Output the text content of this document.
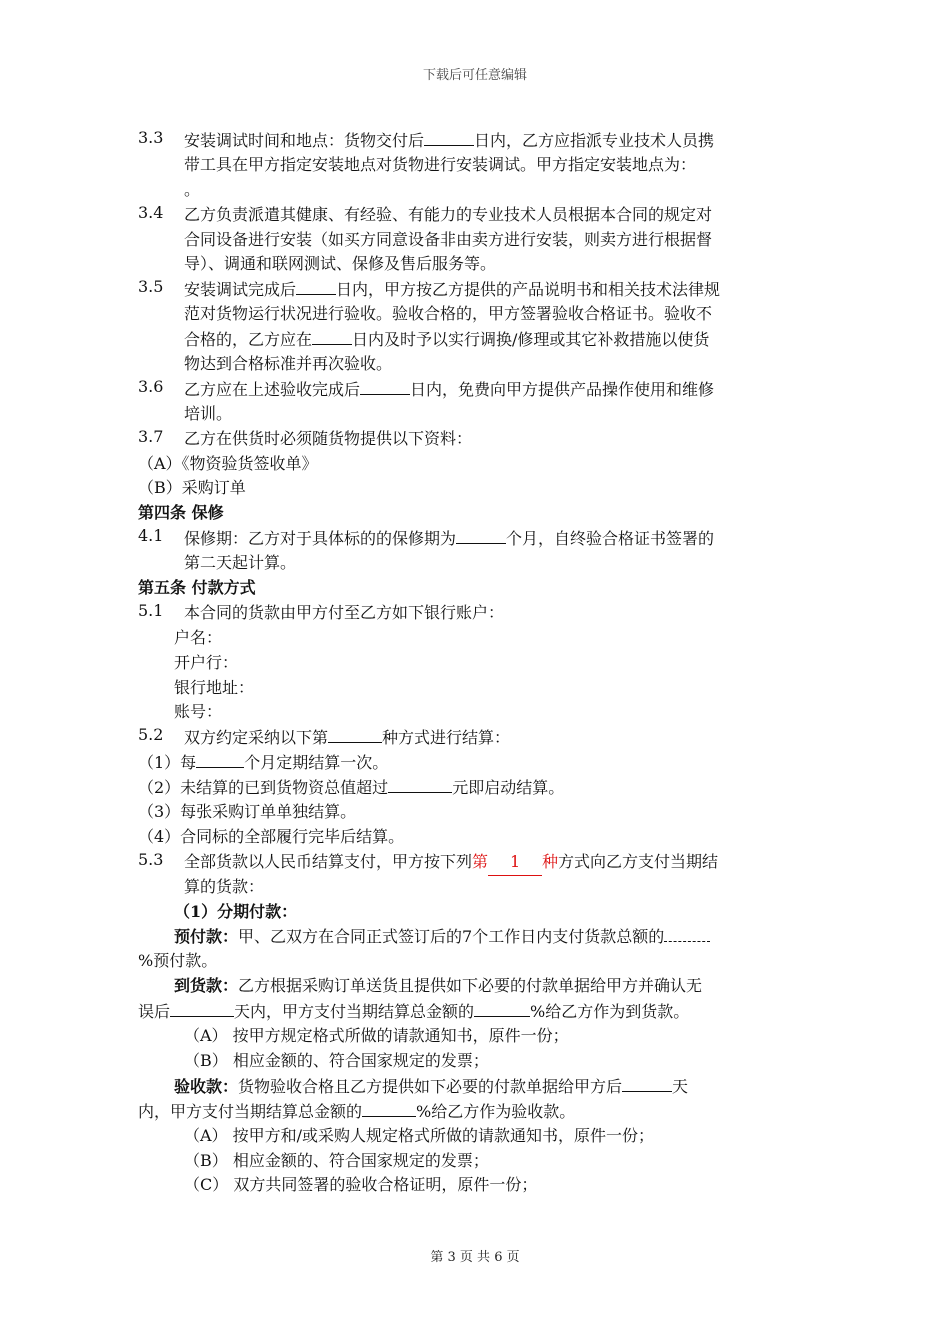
下载后可任意编辑
3.3 安装调试时间和地点：货物交付后	日内，乙方应指派专业技术人员携
带工具在甲方指定安装地点对货物进行安装调试。甲方指定安装地点为：
。
3.4 乙方负责派遣其健康、有经验、有能力的专业技术人员根据本合同的规定对
合同设备进行安装（如买方同意设备非由卖方进行安装，则卖方进行根据督
导）、调通和联网测试、保修及售后服务等。
3.5 安装调试完成后	日内，甲方按乙方提供的产品说明书和相关技术法律规
范对货物运行状况进行验收。验收合格的，甲方签署验收合格证书。验收不
合格的，乙方应在	日内及时予以实行调换/修理或其它补救措施以使货
物达到合格标准并再次验收。
3.6 乙方应在上述验收完成后	日内，免费向甲方提供产品操作使用和维修
培训。
3.7 乙方在供货时必须随货物提供以下资料：
（A）《物资验货签收单》
（B）采购订单
第四条 保修
4.1 保修期：乙方对于具体标的的保修期为	个月，自终验合格证书签署的
第二天起计算。
第五条 付款方式
5.1 本合同的货款由甲方付至乙方如下银行账户：
户名：
开户行：
银行地址：
账号：
5.2 双方约定采纳以下第	种方式进行结算：
（1）每	个月定期结算一次。
（2）未结算的已到货物资总值超过	元即启动结算。
（3）每张采购订单单独结算。
（4）合同标的全部履行完毕后结算。
5.3 全部货款以人民币结算支付，甲方按下列第 1 种方式向乙方支付当期结
算的货款：
（1）分期付款：
预付款：甲、乙双方在合同正式签订后的7个工作日内支付货款总额的
%预付款。
到货款：乙方根据采购订单送货且提供如下必要的付款单据给甲方并确认无
误后	天内，甲方支付当期结算总金额的	%给乙方作为到货款。
（A） 按甲方规定格式所做的请款通知书，原件一份；
（B） 相应金额的、符合国家规定的发票；
验收款：货物验收合格且乙方提供如下必要的付款单据给甲方后	天
内，甲方支付当期结算总金额的	%给乙方作为验收款。
（A） 按甲方和/或采购人规定格式所做的请款通知书，原件一份；
（B） 相应金额的、符合国家规定的发票；
（C） 双方共同签署的验收合格证明，原件一份；
第 3 页 共 6 页
